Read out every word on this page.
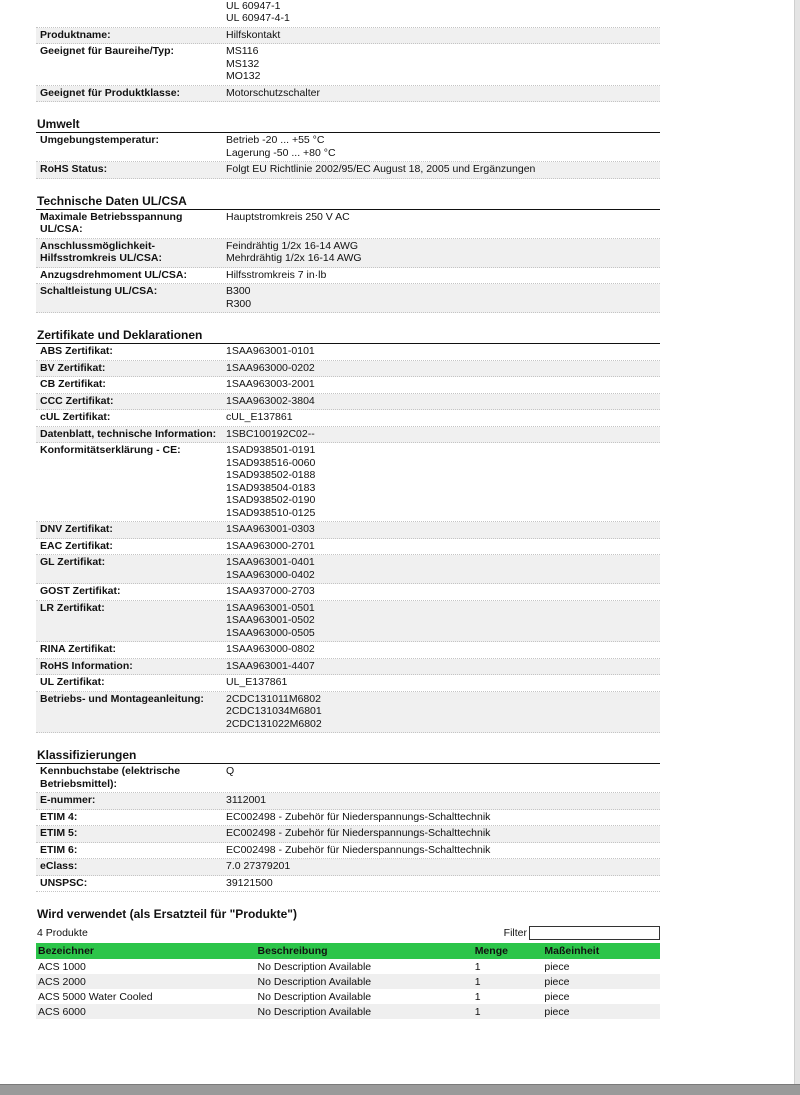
UL 60947-1
UL 60947-4-1
Produktname:	Hilfskontakt
Geeignet für Baureihe/Typ:	MS116
MS132
MO132
Geeignet für Produktklasse:	Motorschutzschalter
Umwelt
Umgebungstemperatur:	Betrieb -20 ... +55 °C
Lagerung -50 ... +80 °C
RoHS Status:	Folgt EU Richtlinie 2002/95/EC August 18, 2005 und Ergänzungen
Technische Daten UL/CSA
Maximale Betriebsspannung UL/CSA:
Hauptstromkreis 250 V AC
Anschlussmöglichkeit-Hilfsstromkreis UL/CSA:
Feindrähtig 1/2x 16-14 AWG
Mehrdrähtig 1/2x 16-14 AWG
Anzugsdrehmoment UL/CSA:	Hilfsstromkreis 7 in·lb
Schaltleistung UL/CSA:	B300
R300
Zertifikate und Deklarationen
ABS Zertifikat:	1SAA963001-0101
BV Zertifikat:	1SAA963000-0202
CB Zertifikat:	1SAA963003-2001
CCC Zertifikat:	1SAA963002-3804
cUL Zertifikat:	cUL_E137861
Datenblatt, technische Information: 1SBC100192C02--
Konformitätserklärung - CE:	1SAD938501-0191
1SAD938516-0060
1SAD938502-0188
1SAD938504-0183
1SAD938502-0190
1SAD938510-0125
DNV Zertifikat:	1SAA963001-0303
EAC Zertifikat:	1SAA963000-2701
GL Zertifikat:	1SAA963001-0401
1SAA963000-0402
GOST Zertifikat:	1SAA937000-2703
LR Zertifikat:	1SAA963001-0501
1SAA963001-0502
1SAA963000-0505
RINA Zertifikat:	1SAA963000-0802
RoHS Information:	1SAA963001-4407
UL Zertifikat:	UL_E137861
Betriebs- und Montageanleitung:	2CDC131011M6802
2CDC131034M6801
2CDC131022M6802
Klassifizierungen
Kennbuchstabe (elektrische Betriebsmittel):
Q
E-nummer:	3112001
ETIM 4:	EC002498 - Zubehör für Niederspannungs-Schalttechnik
ETIM 5:	EC002498 - Zubehör für Niederspannungs-Schalttechnik
ETIM 6:	EC002498 - Zubehör für Niederspannungs-Schalttechnik
eClass:	7.0 27379201
UNSPSC:	39121500
Wird verwendet (als Ersatzteil für "Produkte")
4 Produkte	Filter
Bezeichner	Beschreibung	Menge	Maßeinheit
ACS 1000	No Description Available	1	piece
ACS 2000	No Description Available	1	piece
ACS 5000 Water Cooled	No Description Available	1	piece
ACS 6000	No Description Available	1	piece
